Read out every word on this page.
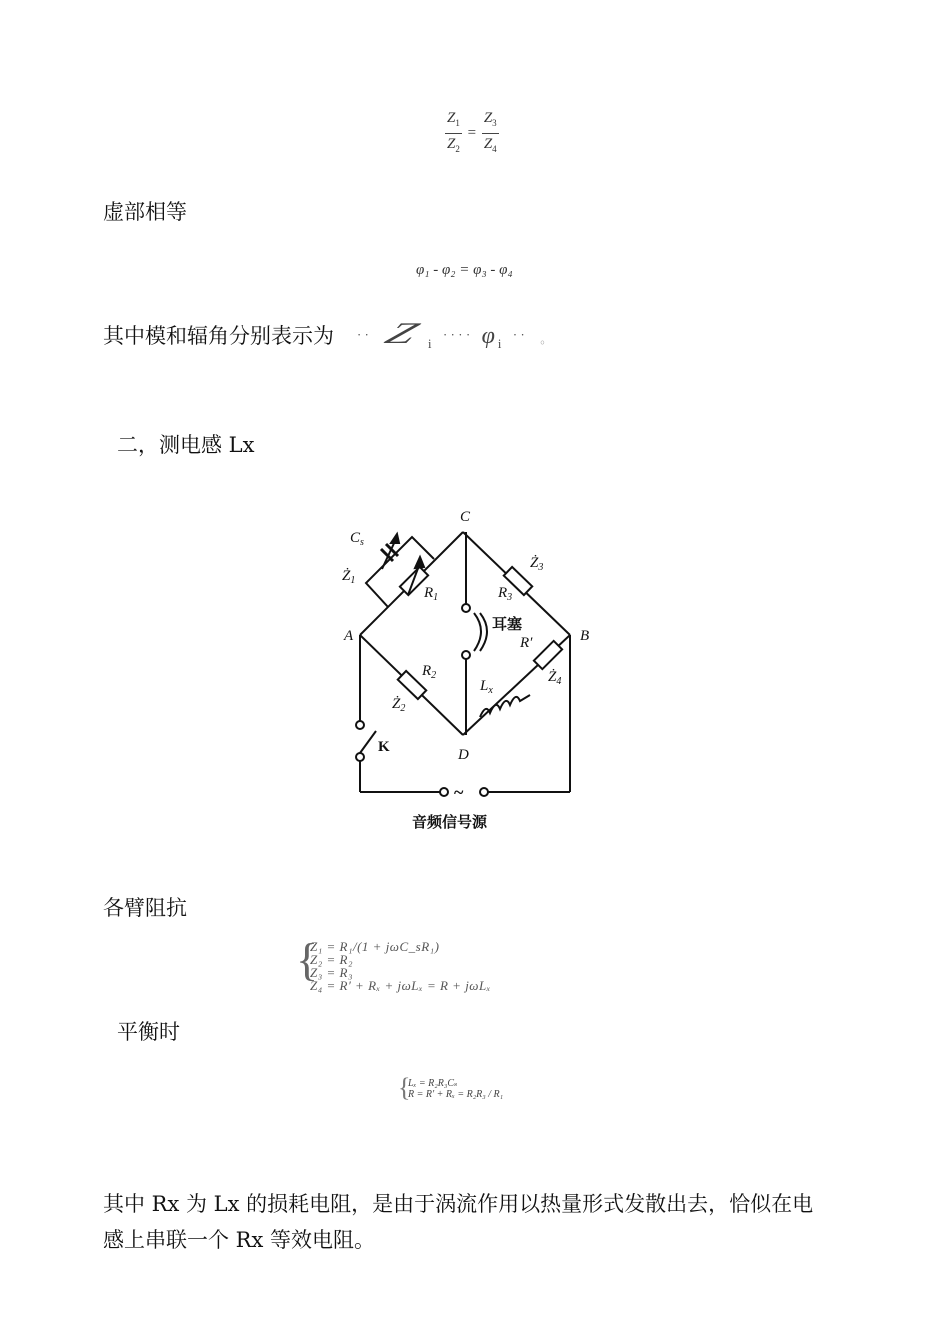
$\frac{Z_1}{Z_2} = \frac{Z_3}{Z_4}$
虚部相等
φ₁ - φ₂ = φ₃ - φ₄
其中模和辐角分别表示为 ˙˙ $Z_i$ ˙˙˙˙ $\varphi_i$ ˙˙ 。
二，测电感 Lx
C
A	B
D
$C_s$
$Ż_1$
$R_1$
$Ż_3$
$R_3$
R′
$Ż_4$
$R_2$
$Ż_2$
$L_x$
耳塞
K
~
音频信号源
各臂阻抗
{
Z₁ = R₁/(1 + jωC_sR₁)
Z₂ = R₂
Z₃ = R₃
Z₄ = R′ + Rₓ + jωLₓ = R + jωLₓ
平衡时
{
Lₓ = R₂R₃Cₛ
R = R′ + Rₓ = R₂R₃ / R₁
其中 Rx 为 Lx 的损耗电阻，是由于涡流作用以热量形式发散出去，恰似在电
感上串联一个 Rx 等效电阻。
